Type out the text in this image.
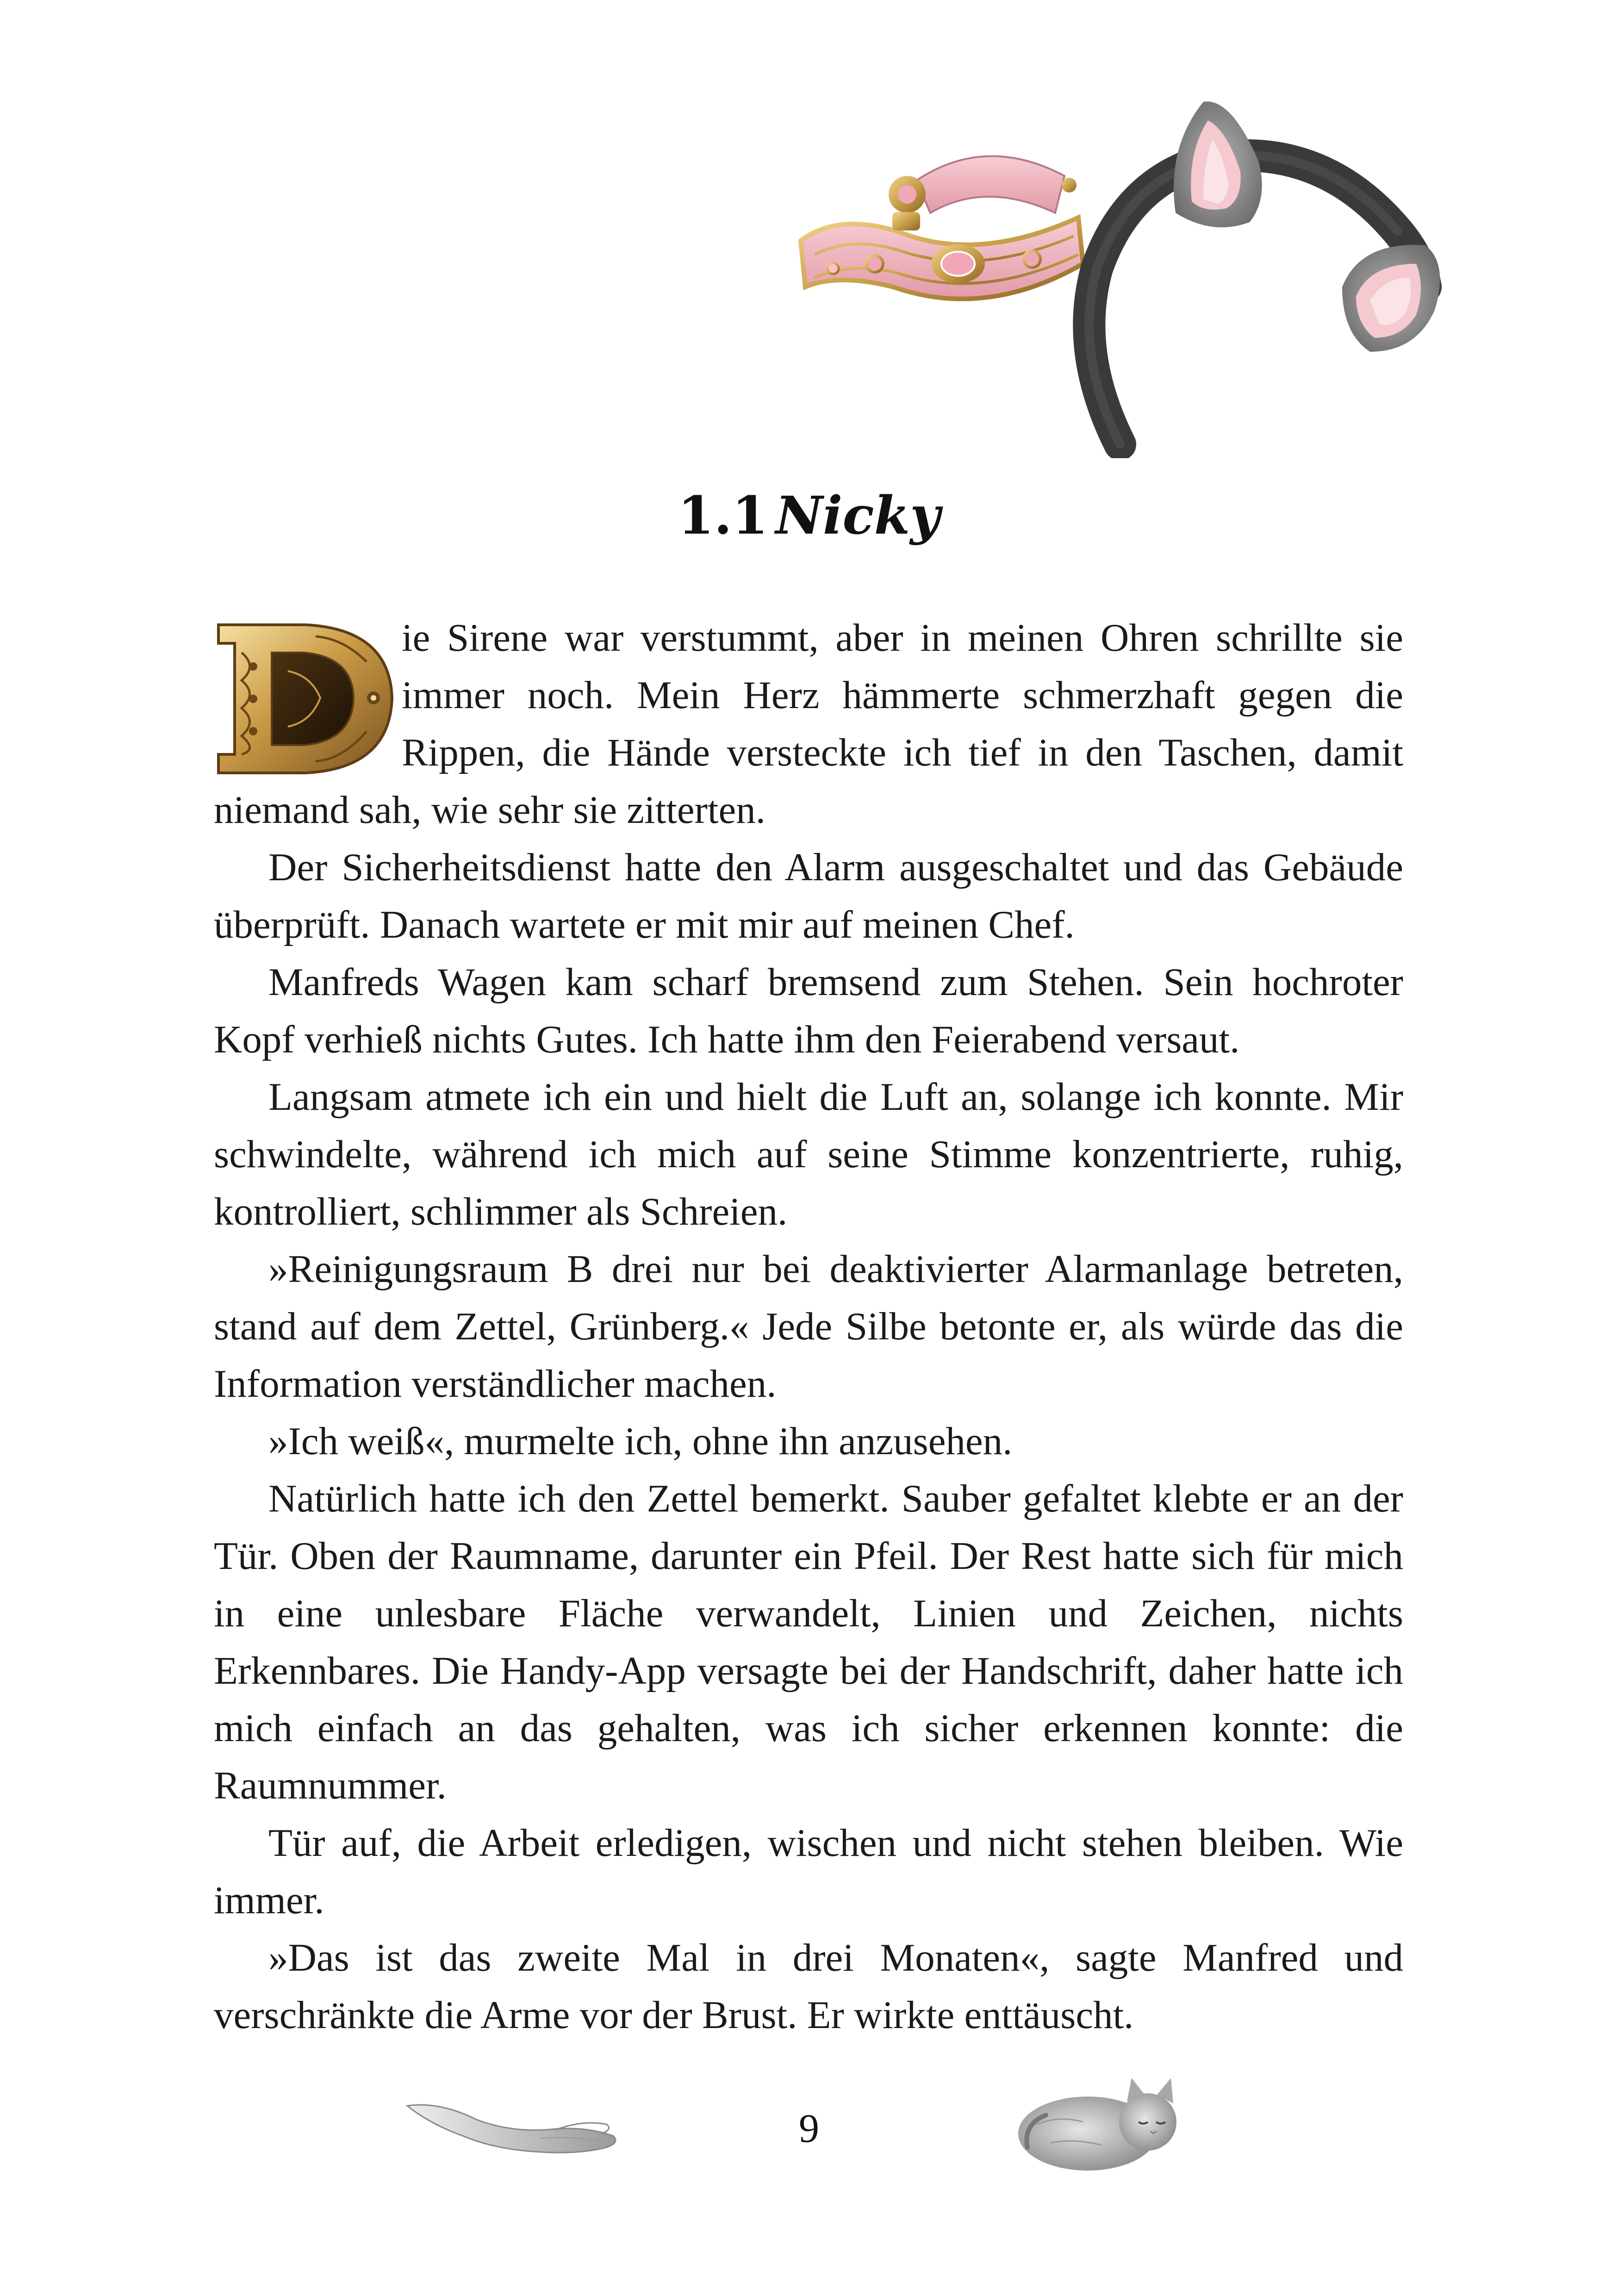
1.1 Nicky

ie Sirene war verstummt, aber in meinen Ohren schrillte sie immer noch. Mein Herz hämmerte schmerzhaft gegen die Rippen, die Hände versteckte ich tief in den Taschen, damit niemand sah, wie sehr sie zitterten.

Der Sicherheitsdienst hatte den Alarm ausgeschaltet und das Gebäude überprüft. Danach wartete er mit mir auf meinen Chef.

Manfreds Wagen kam scharf bremsend zum Stehen. Sein hochroter Kopf verhieß nichts Gutes. Ich hatte ihm den Feierabend versaut.

Langsam atmete ich ein und hielt die Luft an, solange ich konnte. Mir schwindelte, während ich mich auf seine Stimme konzentrierte, ruhig, kontrolliert, schlimmer als Schreien.

»Reinigungsraum B drei nur bei deaktivierter Alarmanlage betreten, stand auf dem Zettel, Grünberg.« Jede Silbe betonte er, als würde das die Information verständlicher machen.

»Ich weiß«, murmelte ich, ohne ihn anzusehen.

Natürlich hatte ich den Zettel bemerkt. Sauber gefaltet klebte er an der Tür. Oben der Raumname, darunter ein Pfeil. Der Rest hatte sich für mich in eine unlesbare Fläche verwandelt, Linien und Zeichen, nichts Erkennbares. Die Handy-App versagte bei der Handschrift, daher hatte ich mich einfach an das gehalten, was ich sicher erkennen konnte: die Raumnummer.

Tür auf, die Arbeit erledigen, wischen und nicht stehen bleiben. Wie immer.

»Das ist das zweite Mal in drei Monaten«, sagte Manfred und verschränkte die Arme vor der Brust. Er wirkte enttäuscht.

9
